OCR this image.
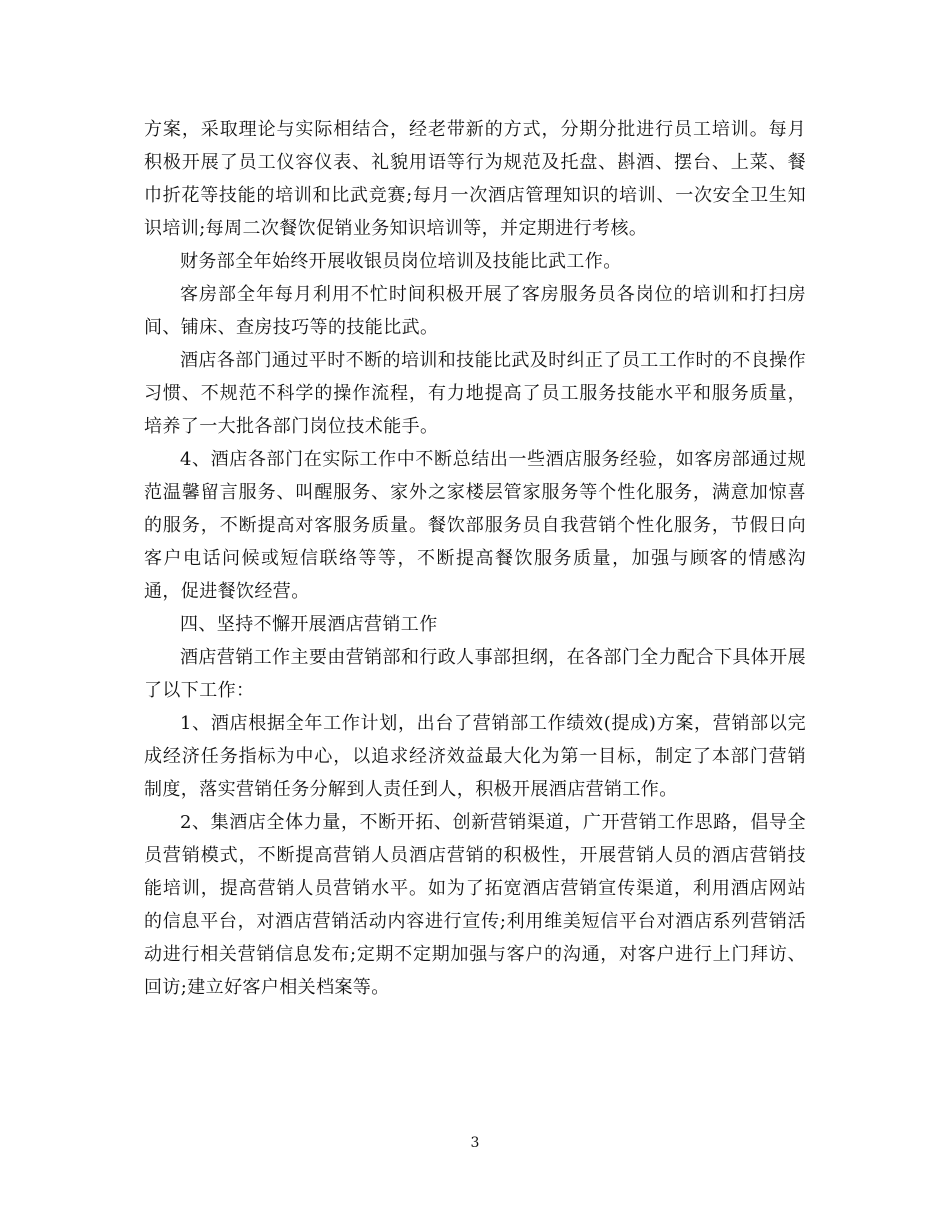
方案，采取理论与实际相结合，经老带新的方式，分期分批进行员工培训。每月积极开展了员工仪容仪表、礼貌用语等行为规范及托盘、斟酒、摆台、上菜、餐巾折花等技能的培训和比武竞赛;每月一次酒店管理知识的培训、一次安全卫生知识培训;每周二次餐饮促销业务知识培训等，并定期进行考核。

财务部全年始终开展收银员岗位培训及技能比武工作。

客房部全年每月利用不忙时间积极开展了客房服务员各岗位的培训和打扫房间、铺床、查房技巧等的技能比武。

酒店各部门通过平时不断的培训和技能比武及时纠正了员工工作时的不良操作习惯、不规范不科学的操作流程，有力地提高了员工服务技能水平和服务质量，培养了一大批各部门岗位技术能手。

4、酒店各部门在实际工作中不断总结出一些酒店服务经验，如客房部通过规范温馨留言服务、叫醒服务、家外之家楼层管家服务等个性化服务，满意加惊喜的服务，不断提高对客服务质量。餐饮部服务员自我营销个性化服务，节假日向客户电话问候或短信联络等等，不断提高餐饮服务质量，加强与顾客的情感沟通，促进餐饮经营。

四、坚持不懈开展酒店营销工作

酒店营销工作主要由营销部和行政人事部担纲，在各部门全力配合下具体开展了以下工作：

1、酒店根据全年工作计划，出台了营销部工作绩效(提成)方案，营销部以完成经济任务指标为中心，以追求经济效益最大化为第一目标，制定了本部门营销制度，落实营销任务分解到人责任到人，积极开展酒店营销工作。

2、集酒店全体力量，不断开拓、创新营销渠道，广开营销工作思路，倡导全员营销模式，不断提高营销人员酒店营销的积极性，开展营销人员的酒店营销技能培训，提高营销人员营销水平。如为了拓宽酒店营销宣传渠道，利用酒店网站的信息平台，对酒店营销活动内容进行宣传;利用维美短信平台对酒店系列营销活动进行相关营销信息发布;定期不定期加强与客户的沟通，对客户进行上门拜访、回访;建立好客户相关档案等。

3
